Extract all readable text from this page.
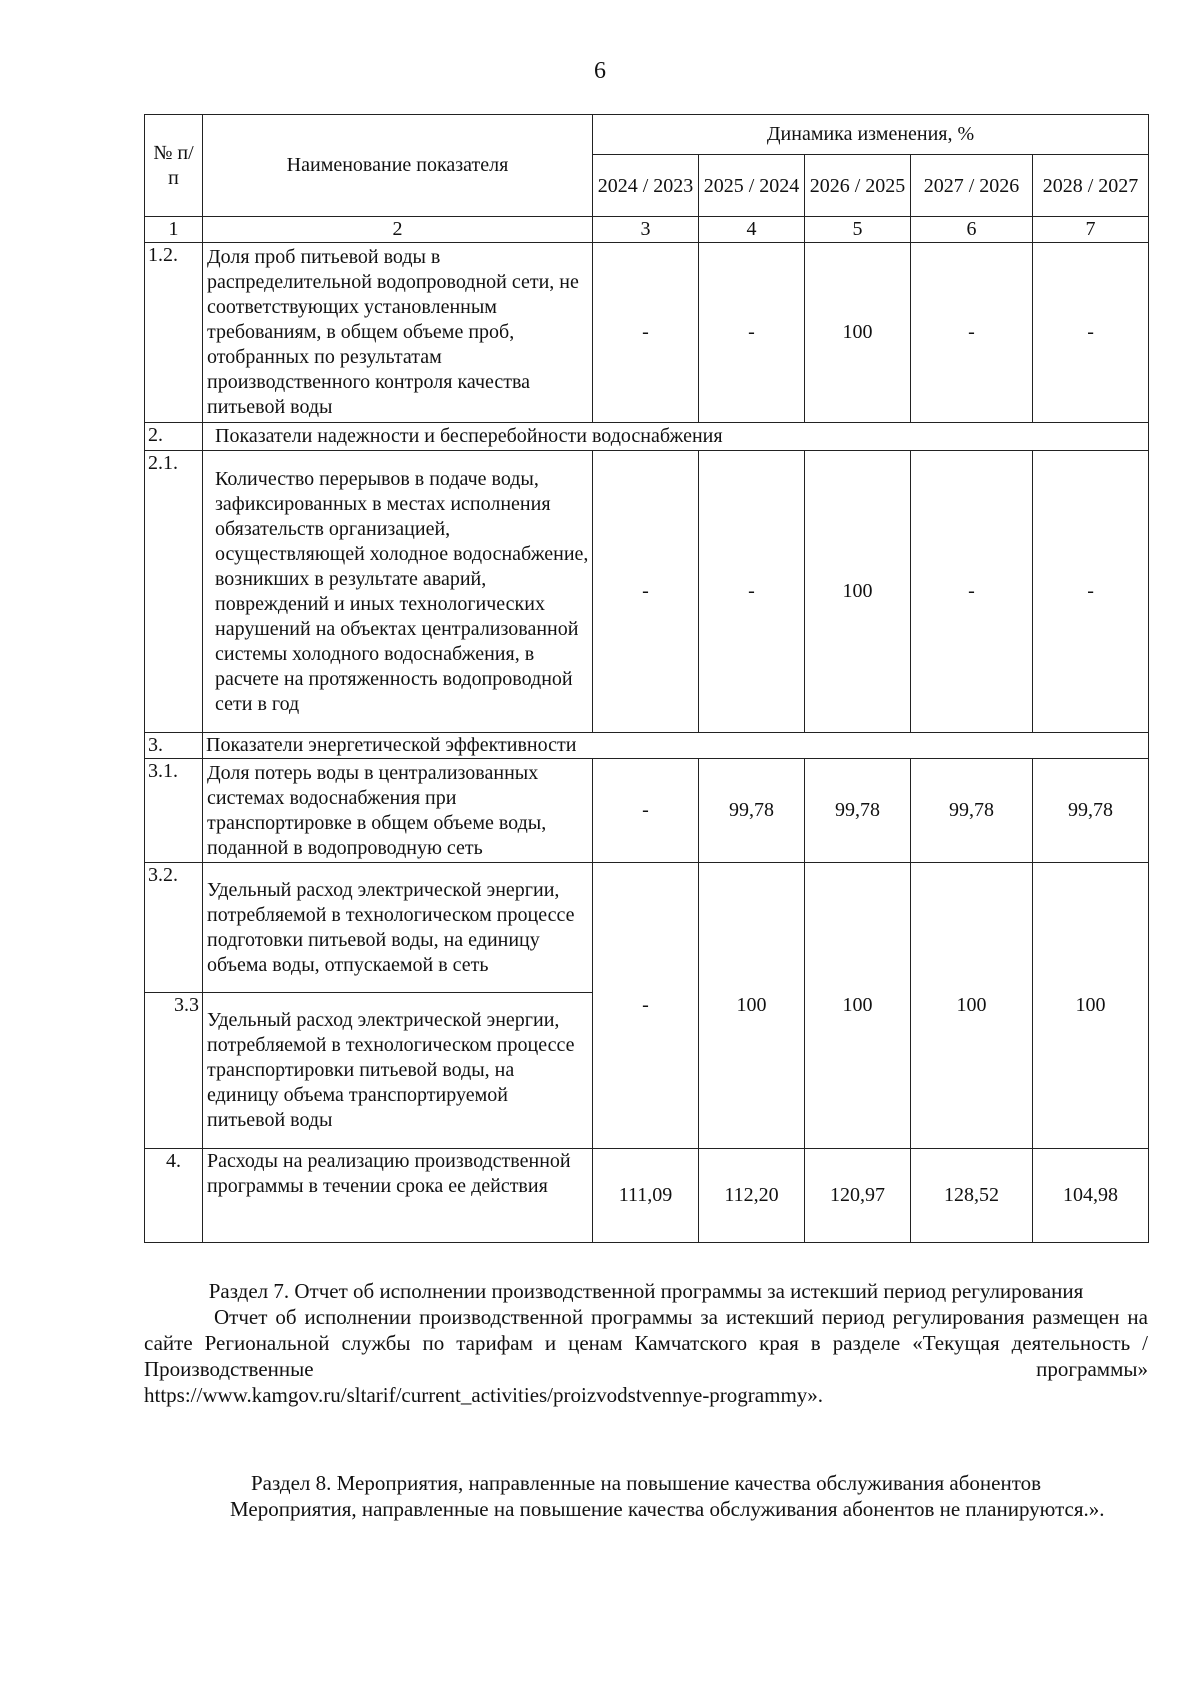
6
№ п/п	Наименование показателя	Динамика изменения, %				
		2024 / 2023	2025 / 2024	2026 / 2025	2027 / 2026	2028 / 2027
1	2	3	4	5	6	7
1.2.	Доля проб питьевой воды в распределительной водопроводной сети, не соответствующих установленным требованиям, в общем объеме проб, отобранных по результатам производственного контроля качества питьевой воды	-	-	100	-	-
2.	Показатели надежности и бесперебойности водоснабжения					
2.1.	Количество перерывов в подаче воды, зафиксированных в местах исполнения обязательств организацией, осуществляющей холодное водоснабжение, возникших в результате аварий, повреждений и иных технологических нарушений на объектах централизованной системы холодного водоснабжения, в расчете на протяженность водопроводной сети в год	-	-	100	-	-
3.	Показатели энергетической эффективности					
3.1.	Доля потерь воды в централизованных системах водоснабжения при транспортировке в общем объеме воды, поданной в водопроводную сеть	-	99,78	99,78	99,78	99,78
3.2.	Удельный расход электрической энергии, потребляемой в технологическом процессе подготовки питьевой воды, на единицу объема воды, отпускаемой в сеть	-	100	100	100	100
3.3	Удельный расход электрической энергии, потребляемой в технологическом процессе транспортировки питьевой воды, на единицу объема транспортируемой питьевой воды					
4.	Расходы на реализацию производственной программы в течении срока ее действия	111,09	112,20	120,97	128,52	104,98
Раздел 7. Отчет об исполнении производственной программы за истекший период регулирования
Отчет об исполнении производственной программы за истекший период регулирования размещен на сайте Региональной службы по тарифам и ценам Камчатского края в разделе «Текущая деятельность / Производственные программы»
https://www.kamgov.ru/sltarif/current_activities/proizvodstvennye-programmy».
Раздел 8. Мероприятия, направленные на повышение качества обслуживания абонентов
Мероприятия, направленные на повышение качества обслуживания абонентов не планируются.».
